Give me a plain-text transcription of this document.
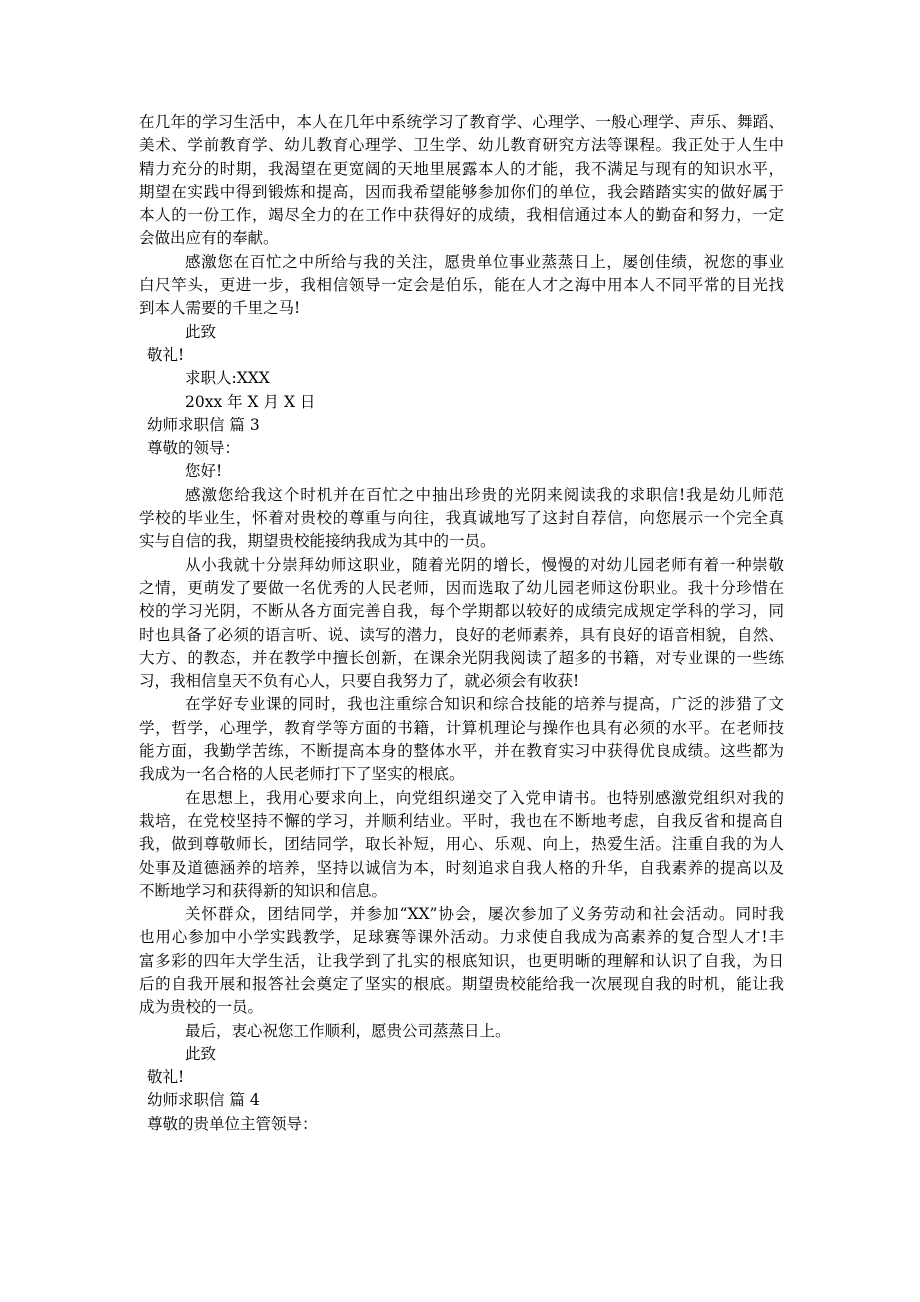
在几年的学习生活中，本人在几年中系统学习了教育学、心理学、一般心理学、声乐、舞蹈、
美术、学前教育学、幼儿教育心理学、卫生学、幼儿教育研究方法等课程。我正处于人生中
精力充分的时期，我渴望在更宽阔的天地里展露本人的才能，我不满足与现有的知识水平，
期望在实践中得到锻炼和提高，因而我希望能够参加你们的单位，我会踏踏实实的做好属于
本人的一份工作，竭尽全力的在工作中获得好的成绩，我相信通过本人的勤奋和努力，一定
会做出应有的奉献。
感激您在百忙之中所给与我的关注，愿贵单位事业蒸蒸日上，屡创佳绩，祝您的事业
白尺竿头，更进一步，我相信领导一定会是伯乐，能在人才之海中用本人不同平常的目光找
到本人需要的千里之马!
此致
敬礼!
求职人:XXX
20xx 年 X 月 X 日
幼师求职信 篇 3
尊敬的领导：
您好!
感激您给我这个时机并在百忙之中抽出珍贵的光阴来阅读我的求职信!我是幼儿师范
学校的毕业生，怀着对贵校的尊重与向往，我真诚地写了这封自荐信，向您展示一个完全真
实与自信的我，期望贵校能接纳我成为其中的一员。
从小我就十分崇拜幼师这职业，随着光阴的增长，慢慢的对幼儿园老师有着一种崇敬
之情，更萌发了要做一名优秀的人民老师，因而选取了幼儿园老师这份职业。我十分珍惜在
校的学习光阴，不断从各方面完善自我，每个学期都以较好的成绩完成规定学科的学习，同
时也具备了必须的语言听、说、读写的潜力，良好的老师素养，具有良好的语音相貌，自然、
大方、的教态，并在教学中擅长创新，在课余光阴我阅读了超多的书籍，对专业课的一些练
习，我相信皇天不负有心人，只要自我努力了，就必须会有收获!
在学好专业课的同时，我也注重综合知识和综合技能的培养与提高，广泛的涉猎了文
学，哲学，心理学，教育学等方面的书籍，计算机理论与操作也具有必须的水平。在老师技
能方面，我勤学苦练，不断提高本身的整体水平，并在教育实习中获得优良成绩。这些都为
我成为一名合格的人民老师打下了坚实的根底。
在思想上，我用心要求向上，向党组织递交了入党申请书。也特别感激党组织对我的
栽培，在党校坚持不懈的学习，并顺利结业。平时，我也在不断地考虑，自我反省和提高自
我，做到尊敬师长，团结同学，取长补短，用心、乐观、向上，热爱生活。注重自我的为人
处事及道德涵养的培养，坚持以诚信为本，时刻追求自我人格的升华，自我素养的提高以及
不断地学习和获得新的知识和信息。
关怀群众，团结同学，并参加“XX”协会，屡次参加了义务劳动和社会活动。同时我
也用心参加中小学实践教学，足球赛等课外活动。力求使自我成为高素养的复合型人才!丰
富多彩的四年大学生活，让我学到了扎实的根底知识，也更明晰的理解和认识了自我，为日
后的自我开展和报答社会奠定了坚实的根底。期望贵校能给我一次展现自我的时机，能让我
成为贵校的一员。
最后，衷心祝您工作顺利，愿贵公司蒸蒸日上。
此致
敬礼!
幼师求职信 篇 4
尊敬的贵单位主管领导：
